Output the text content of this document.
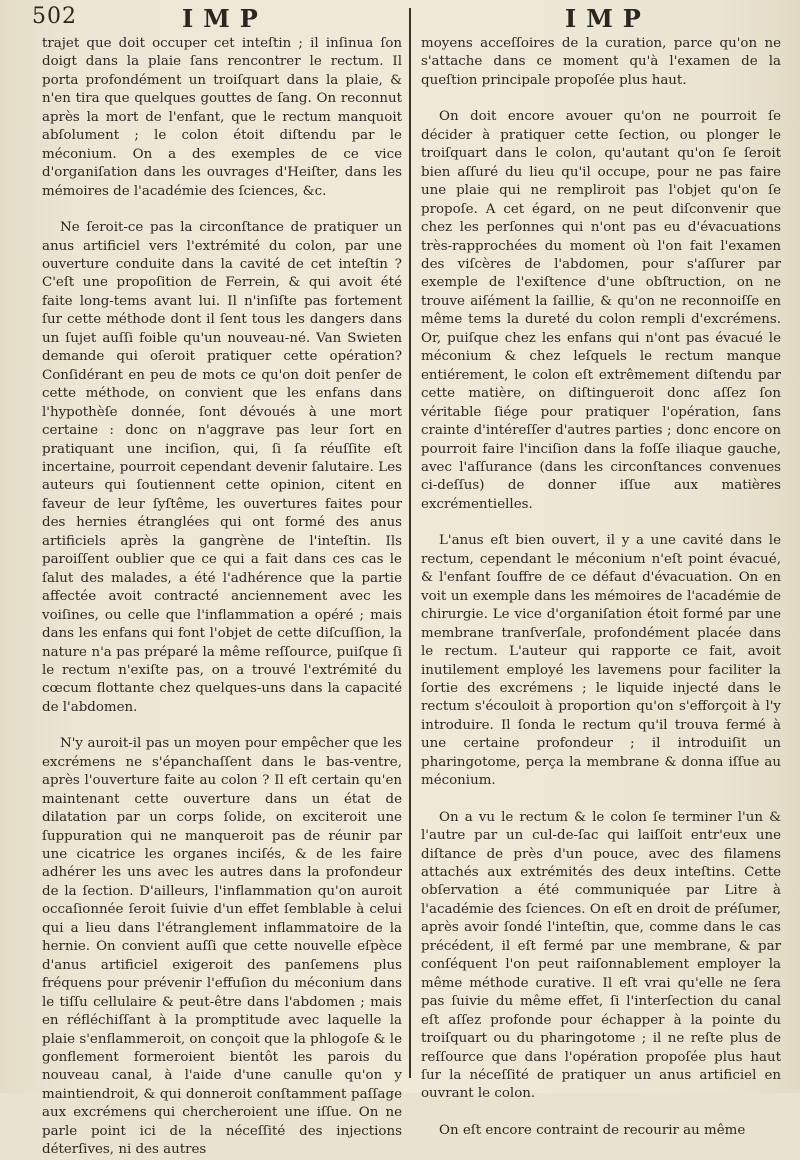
502	IMP	IMP

trajet que doit occuper cet inteſtin ; il inſinua ſon doigt dans la plaie ſans rencontrer le rectum. Il porta profondément un troiſquart dans la plaie, & n'en tira que quelques gouttes de ſang. On reconnut après la mort de l'enfant, que le rectum manquoit abſolument ; le colon étoit diſtendu par le méconium. On a des exemples de ce vice d'organiſation dans les ouvrages d'Heiſter, dans les mémoires de l'académie des ſciences, &c.

Ne ſeroit-ce pas la circonſtance de pratiquer un anus artificiel vers l'extrémité du colon, par une ouverture conduite dans la cavité de cet inteſtin ? C'eſt une propoſition de Ferrein, & qui avoit été faite long-tems avant lui. Il n'inſiſte pas fortement ſur cette méthode dont il ſent tous les dangers dans un ſujet auſſi foible qu'un nouveau-né. Van Swieten demande qui oſeroit pratiquer cette opération? Conſidérant en peu de mots ce qu'on doit penſer de cette méthode, on convient que les enfans dans l'hypothèſe donnée, ſont dévoués à une mort certaine : donc on n'aggrave pas leur ſort en pratiquant une inciſion, qui, ſi ſa réuſſite eſt incertaine, pourroit cependant devenir ſalutaire. Les auteurs qui ſoutiennent cette opinion, citent en faveur de leur ſyſtême, les ouvertures faites pour des hernies étranglées qui ont formé des anus artificiels après la gangrène de l'inteſtin. Ils paroiſſent oublier que ce qui a fait dans ces cas le ſalut des malades, a été l'adhérence que la partie affectée avoit contracté anciennement avec les voiſines, ou celle que l'inflammation a opéré ; mais dans les enfans qui font l'objet de cette diſcuſſion, la nature n'a pas préparé la même reſſource, puiſque ſi le rectum n'exiſte pas, on a trouvé l'extrémité du cœcum flottante chez quelques-uns dans la capacité de l'abdomen.

N'y auroit-il pas un moyen pour empêcher que les excrémens ne s'épanchaſſent dans le bas-ventre, après l'ouverture faite au colon ? Il eſt certain qu'en maintenant cette ouverture dans un état de dilatation par un corps ſolide, on exciteroit une ſuppuration qui ne manqueroit pas de réunir par une cicatrice les organes inciſés, & de les faire adhérer les uns avec les autres dans la profondeur de la ſection. D'ailleurs, l'inflammation qu'on auroit occaſionnée ſeroit ſuivie d'un effet ſemblable à celui qui a lieu dans l'étranglement inflammatoire de la hernie. On convient auſſi que cette nouvelle eſpèce d'anus artificiel exigeroit des panſemens plus fréquens pour prévenir l'effuſion du méconium dans le tiſſu cellulaire & peut-être dans l'abdomen ; mais en réfléchiſſant à la promptitude avec laquelle la plaie s'enflammeroit, on conçoit que la phlogoſe & le gonflement formeroient bientôt les parois du nouveau canal, à l'aide d'une canulle qu'on y maintiendroit, & qui donneroit conſtamment paſſage aux excrémens qui chercheroient une iſſue. On ne parle point ici de la néceſſité des injections déterſives, ni des autres

moyens acceſſoires de la curation, parce qu'on ne s'attache dans ce moment qu'à l'examen de la queſtion principale propoſée plus haut.

On doit encore avouer qu'on ne pourroit ſe décider à pratiquer cette ſection, ou plonger le troiſquart dans le colon, qu'autant qu'on ſe ſeroit bien aſſuré du lieu qu'il occupe, pour ne pas faire une plaie qui ne rempliroit pas l'objet qu'on ſe propoſe. A cet égard, on ne peut diſconvenir que chez les perſonnes qui n'ont pas eu d'évacuations très-rapprochées du moment où l'on fait l'examen des viſcères de l'abdomen, pour s'aſſurer par exemple de l'exiſtence d'une obſtruction, on ne trouve aiſément la ſaillie, & qu'on ne reconnoiſſe en même tems la dureté du colon rempli d'excrémens. Or, puiſque chez les enfans qui n'ont pas évacué le méconium & chez leſquels le rectum manque entiérement, le colon eſt extrêmement diſtendu par cette matière, on diſtingueroit donc aſſez ſon véritable ſiége pour pratiquer l'opération, ſans crainte d'intéreſſer d'autres parties ; donc encore on pourroit faire l'inciſion dans la foſſe iliaque gauche, avec l'aſſurance (dans les circonſtances convenues ci-deſſus) de donner iſſue aux matières excrémentielles.

L'anus eſt bien ouvert, il y a une cavité dans le rectum, cependant le méconium n'eſt point évacué, & l'enfant ſouffre de ce défaut d'évacuation. On en voit un exemple dans les mémoires de l'académie de chirurgie. Le vice d'organiſation étoit formé par une membrane tranſverſale, profondément placée dans le rectum. L'auteur qui rapporte ce fait, avoit inutilement employé les lavemens pour faciliter la ſortie des excrémens ; le liquide injecté dans le rectum s'écouloit à proportion qu'on s'efforçoit à l'y introduire. Il ſonda le rectum qu'il trouva fermé à une certaine profondeur ; il introduiſit un pharingotome, perça la membrane & donna iſſue au méconium.

On a vu le rectum & le colon ſe terminer l'un & l'autre par un cul-de-ſac qui laiſſoit entr'eux une diſtance de près d'un pouce, avec des filamens attachés aux extrémités des deux inteſtins. Cette obſervation a été communiquée par Litre à l'académie des ſciences. On eſt en droit de préſumer, après avoir ſondé l'inteſtin, que, comme dans le cas précédent, il eſt fermé par une membrane, & par conſéquent l'on peut raiſonnablement employer la même méthode curative. Il eſt vrai qu'elle ne ſera pas ſuivie du même effet, ſi l'interſection du canal eſt aſſez profonde pour échapper à la pointe du troiſquart ou du pharingotome ; il ne reſte plus de reſſource que dans l'opération propoſée plus haut ſur la néceſſité de pratiquer un anus artificiel en ouvrant le colon.

On eſt encore contraint de recourir au même
